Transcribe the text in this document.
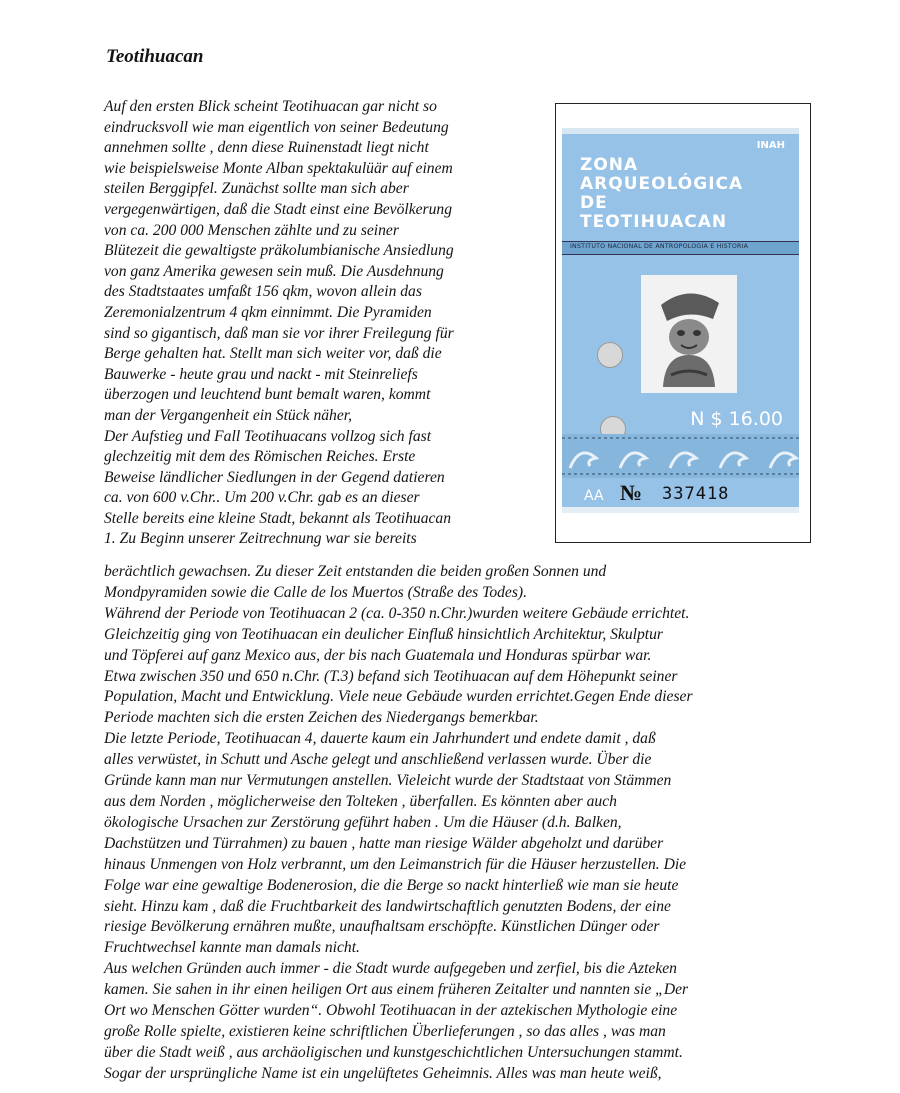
Teotihuacan

Auf den ersten Blick scheint Teotihuacan gar nicht so

eindrucksvoll wie man eigentlich von seiner Bedeutung

annehmen sollte , denn diese Ruinenstadt liegt nicht

wie beispielsweise Monte Alban spektakulüär auf einem

steilen Berggipfel. Zunächst sollte man sich aber

vergegenwärtigen, daß die Stadt einst eine Bevölkerung

von ca. 200 000 Menschen zählte und zu seiner

Blütezeit die gewaltigste präkolumbianische Ansiedlung

von ganz Amerika gewesen sein muß. Die Ausdehnung

des Stadtstaates umfaßt 156 qkm, wovon allein das

Zeremonialzentrum 4 qkm einnimmt. Die Pyramiden

sind so gigantisch, daß man sie vor ihrer Freilegung für

Berge gehalten hat. Stellt man sich weiter vor, daß die

Bauwerke - heute grau und nackt - mit Steinreliefs

überzogen und leuchtend bunt bemalt waren, kommt

man der Vergangenheit ein Stück näher,

Der Aufstieg und Fall Teotihuacans vollzog sich fast

glechzeitig mit dem des Römischen Reiches. Erste

Beweise ländlicher Siedlungen in der Gegend datieren

ca. von 600 v.Chr.. Um 200 v.Chr. gab es an dieser

Stelle bereits eine kleine Stadt, bekannt als Teotihuacan

1. Zu Beginn unserer Zeitrechnung war sie bereits

INAH
ZONA
ARQUEOLÓGICA
DE
TEOTIHUACAN
INSTITUTO NACIONAL DE ANTROPOLOGÍA E HISTORIA
N $ 16.00
AA № 337418

berächtlich gewachsen. Zu dieser Zeit entstanden die beiden großen Sonnen und

Mondpyramiden sowie die Calle de los Muertos (Straße des Todes).

Während der Periode von Teotihuacan 2 (ca. 0-350 n.Chr.)wurden weitere Gebäude errichtet.

Gleichzeitig ging von Teotihuacan ein deulicher Einfluß hinsichtlich Architektur, Skulptur

und Töpferei auf ganz Mexico aus, der bis nach Guatemala und Honduras spürbar war.

Etwa zwischen 350 und 650 n.Chr. (T.3) befand sich Teotihuacan auf dem Höhepunkt seiner

Population, Macht und Entwicklung. Viele neue Gebäude wurden errichtet.Gegen Ende dieser

Periode machten sich die ersten Zeichen des Niedergangs bemerkbar.

Die letzte Periode, Teotihuacan 4, dauerte kaum ein Jahrhundert und endete damit , daß

alles verwüstet, in Schutt und Asche gelegt und anschließend verlassen wurde. Über die

Gründe kann man nur Vermutungen anstellen. Vieleicht wurde der Stadtstaat von Stämmen

aus dem Norden , möglicherweise den Tolteken , überfallen. Es könnten aber auch

ökologische Ursachen zur Zerstörung geführt haben . Um die Häuser (d.h. Balken,

Dachstützen und Türrahmen) zu bauen , hatte man riesige Wälder abgeholzt und darüber

hinaus Unmengen von Holz verbrannt, um den Leimanstrich für die Häuser herzustellen. Die

Folge war eine gewaltige Bodenerosion, die die Berge so nackt hinterließ wie man sie heute

sieht. Hinzu kam , daß die Fruchtbarkeit des landwirtschaftlich genutzten Bodens, der eine

riesige Bevölkerung ernähren mußte, unaufhaltsam erschöpfte. Künstlichen Dünger oder

Fruchtwechsel kannte man damals nicht.

Aus welchen Gründen auch immer - die Stadt wurde aufgegeben und zerfiel, bis die Azteken

kamen. Sie sahen in ihr einen heiligen Ort aus einem früheren Zeitalter und nannten sie „Der

Ort wo Menschen Götter wurden“. Obwohl Teotihuacan in der aztekischen Mythologie eine

große Rolle spielte, existieren keine schriftlichen Überlieferungen , so das alles , was man

über die Stadt weiß , aus archäoligischen und kunstgeschichtlichen Untersuchungen stammt.

Sogar der ursprüngliche Name ist ein ungelüftetes Geheimnis. Alles was man heute weiß,
